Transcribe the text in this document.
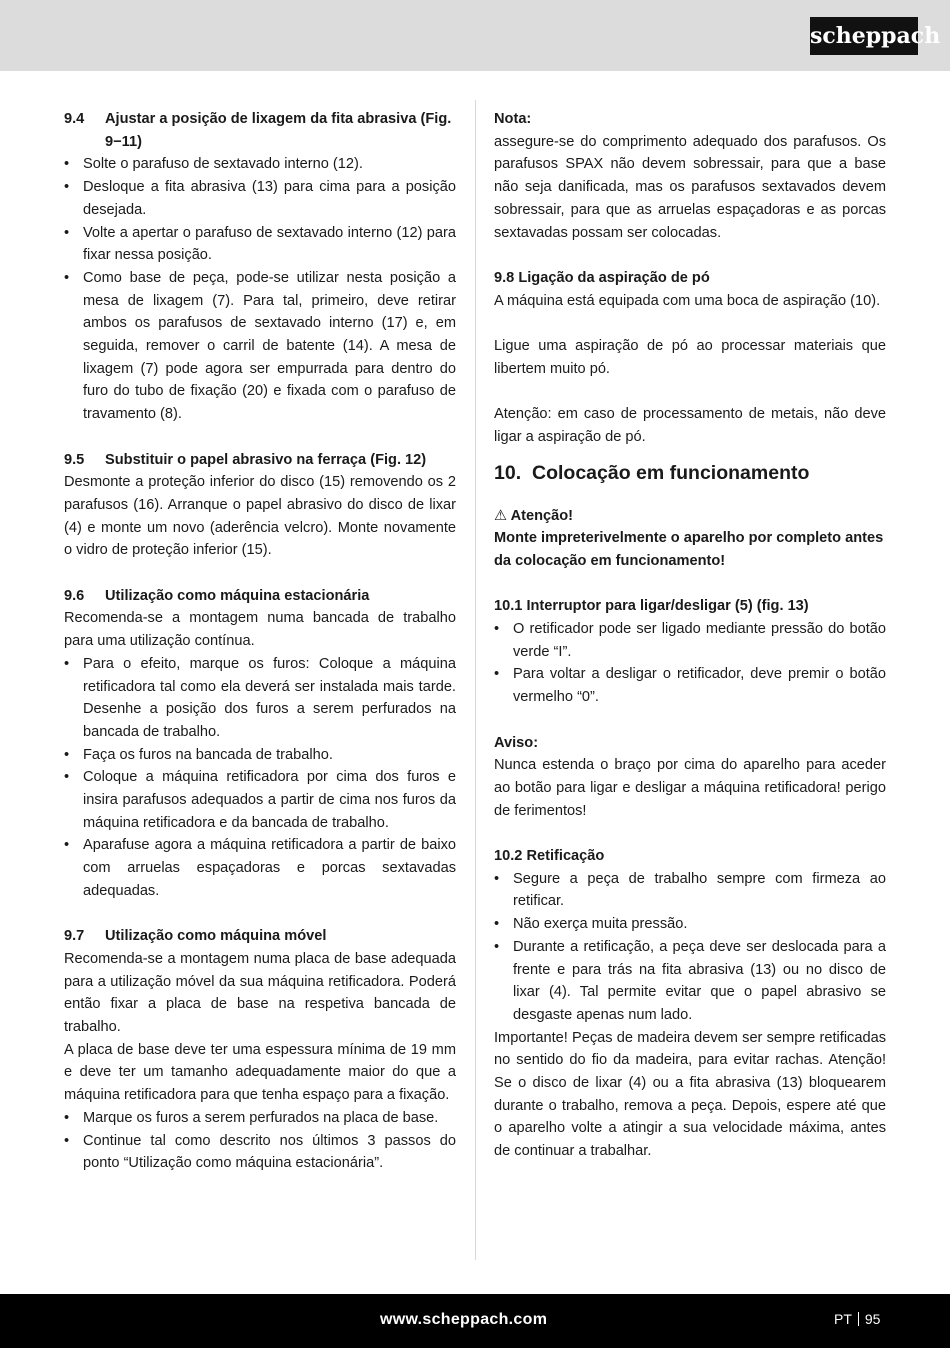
scheppach
9.4	Ajustar a posição de lixagem da fita abrasiva (Fig. 9−11)
• Solte o parafuso de sextavado interno (12).
• Desloque a fita abrasiva (13) para cima para a posição desejada.
• Volte a apertar o parafuso de sextavado interno (12) para fixar nessa posição.
• Como base de peça, pode-se utilizar nesta posição a mesa de lixagem (7). Para tal, primeiro, deve retirar ambos os parafusos de sextavado interno (17) e, em seguida, remover o carril de batente (14). A mesa de lixagem (7) pode agora ser empurrada para dentro do furo do tubo de fixação (20) e fixada com o parafuso de travamento (8).
9.5	Substituir o papel abrasivo na ferraça (Fig. 12)

Desmonte a proteção inferior do disco (15) removendo os 2 parafusos (16). Arranque o papel abrasivo do disco de lixar (4) e monte um novo (aderência velcro). Monte novamente o vidro de proteção inferior (15).

9.6	Utilização como máquina estacionária

Recomenda-se a montagem numa bancada de trabalho para uma utilização contínua.

• Para o efeito, marque os furos: Coloque a máquina retificadora tal como ela deverá ser instalada mais tarde. Desenhe a posição dos furos a serem perfurados na bancada de trabalho.
• Faça os furos na bancada de trabalho.
• Coloque a máquina retificadora por cima dos furos e insira parafusos adequados a partir de cima nos furos da máquina retificadora e da bancada de trabalho.
• Aparafuse agora a máquina retificadora a partir de baixo com arruelas espaçadoras e porcas sextavadas adequadas.
9.7	Utilização como máquina móvel

Recomenda-se a montagem numa placa de base adequada para a utilização móvel da sua máquina retificadora. Poderá então fixar a placa de base na respetiva bancada de trabalho.

A placa de base deve ter uma espessura mínima de 19 mm e deve ter um tamanho adequadamente maior do que a máquina retificadora para que tenha espaço para a fixação.

• Marque os furos a serem perfurados na placa de base.
• Continue tal como descrito nos últimos 3 passos do ponto “Utilização como máquina estacionária”.
Nota:

assegure-se do comprimento adequado dos parafusos. Os parafusos SPAX não devem sobressair, para que a base não seja danificada, mas os parafusos sextavados devem sobressair, para que as arruelas espaçadoras e as porcas sextavadas possam ser colocadas.

9.8 Ligação da aspiração de pó

A máquina está equipada com uma boca de aspiração (10).

Ligue uma aspiração de pó ao processar materiais que libertem muito pó.

Atenção: em caso de processamento de metais, não deve ligar a aspiração de pó.

10. Colocação em funcionamento
⚠ Atenção!

Monte impreterivelmente o aparelho por completo antes da colocação em funcionamento!

10.1 Interruptor para ligar/desligar (5) (fig. 13)
• O retificador pode ser ligado mediante pressão do botão verde “I”.
• Para voltar a desligar o retificador, deve premir o botão vermelho “0”.
Aviso:

Nunca estenda o braço por cima do aparelho para aceder ao botão para ligar e desligar a máquina retificadora! perigo de ferimentos!

10.2 Retificação
• Segure a peça de trabalho sempre com firmeza ao retificar.
• Não exerça muita pressão.
• Durante a retificação, a peça deve ser deslocada para a frente e para trás na fita abrasiva (13) ou no disco de lixar (4). Tal permite evitar que o papel abrasivo se desgaste apenas num lado.

Importante! Peças de madeira devem ser sempre retificadas no sentido do fio da madeira, para evitar rachas. Atenção! Se o disco de lixar (4) ou a fita abrasiva (13) bloquearem durante o trabalho, remova a peça. Depois, espere até que o aparelho volte a atingir a sua velocidade máxima, antes de continuar a trabalhar.

www.scheppach.com	PT 95
